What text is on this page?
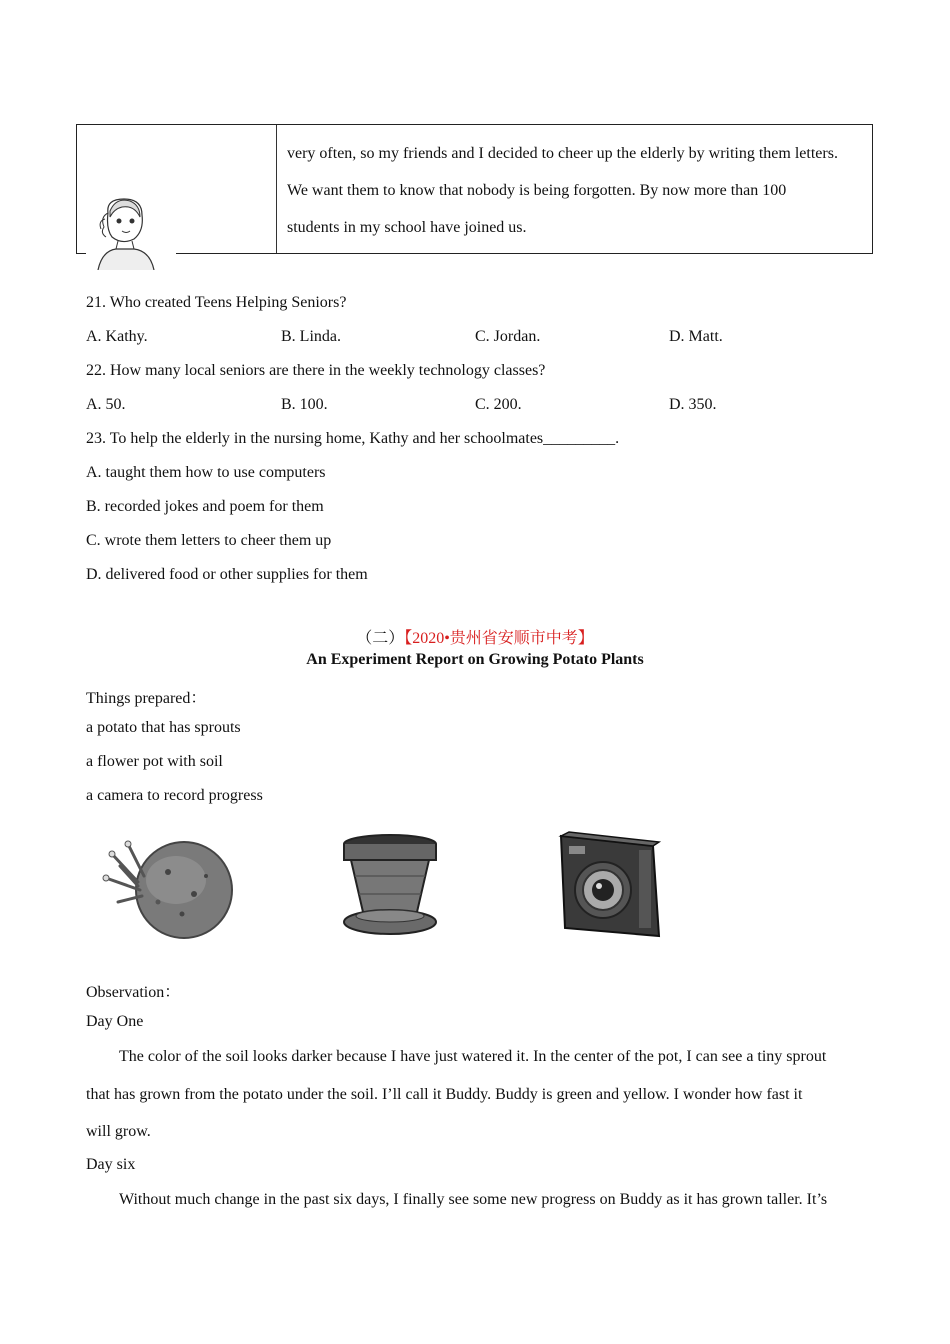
very often, so my friends and I decided to cheer up the elderly by writing them letters.
We want them to know that nobody is being forgotten. By now more than 100
students in my school have joined us.
21. Who created Teens Helping Seniors?
A. Kathy.	B. Linda.	C. Jordan.	D. Matt.
22. How many local seniors are there in the weekly technology classes?
A. 50.	B. 100.	C. 200.	D. 350.
23. To help the elderly in the nursing home, Kathy and her schoolmates_________.
A. taught them how to use computers
B. recorded jokes and poem for them
C. wrote them letters to cheer them up
D. delivered food or other supplies for them
（二）【2020•贵州省安顺市中考】
An Experiment Report on Growing Potato Plants
Things prepared：
a potato that has sprouts
a flower pot with soil
a camera to record progress
Observation：
Day One
The color of the soil looks darker because I have just watered it. In the center of the pot, I can see a tiny sprout
that has grown from the potato under the soil. I’ll call it Buddy. Buddy is green and yellow. I wonder how fast it
will grow.
Day six
Without much change in the past six days, I finally see some new progress on Buddy as it has grown taller. It’s
